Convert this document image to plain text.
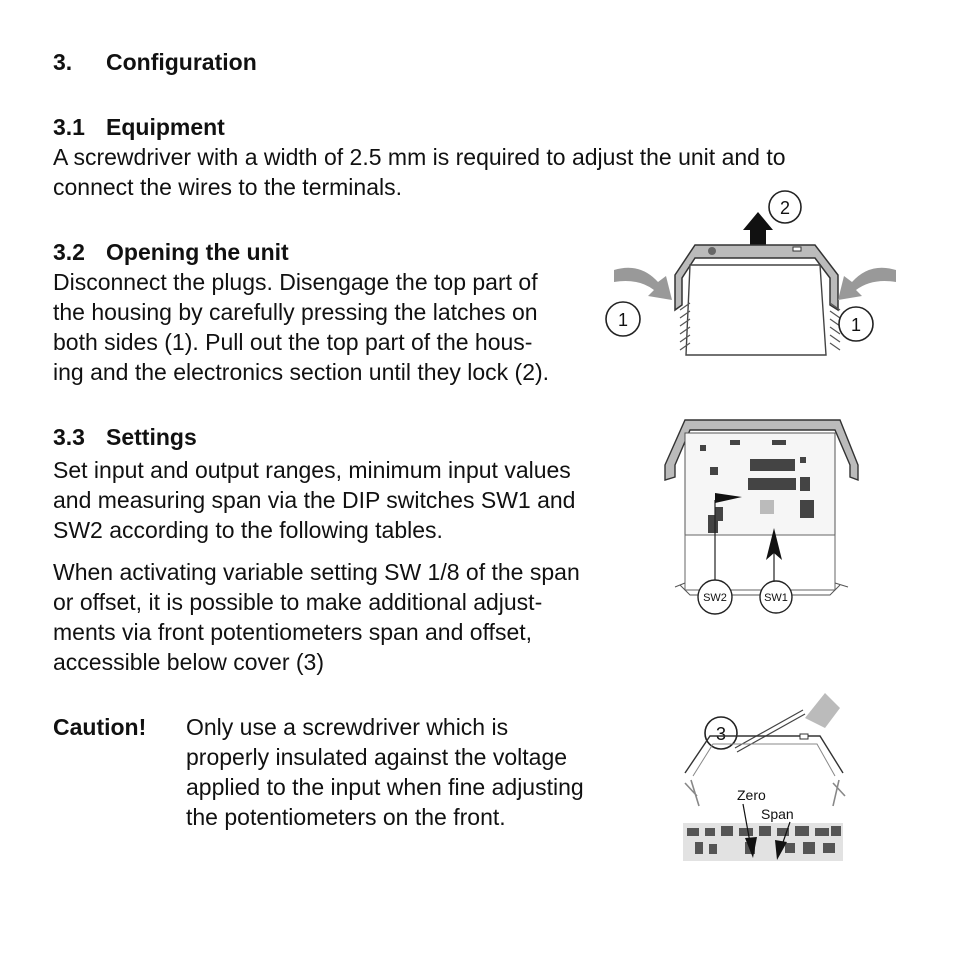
3. Configuration
3.1 Equipment
A screwdriver with a width of 2.5 mm is required to adjust the unit and to
connect the wires to the terminals.
3.2 Opening the unit
Disconnect the plugs. Disengage the top part of
the housing by carefully pressing the latches on
both sides (1). Pull out the top part of the hous-
ing and the electronics section until they lock (2).
2
1	1
3.3 Settings
Set input and output ranges, minimum input values
and measuring span via the DIP switches SW1 and
SW2 according to the following tables.
When activating variable setting SW 1/8 of the span
or offset, it is possible to make additional adjust-
ments via front potentiometers span and offset,
accessible below cover (3)
SW2	SW1
Caution! Only use a screwdriver which is
properly insulated against the voltage
applied to the input when fine adjusting
the potentiometers on the front.
3
Zero
Span
